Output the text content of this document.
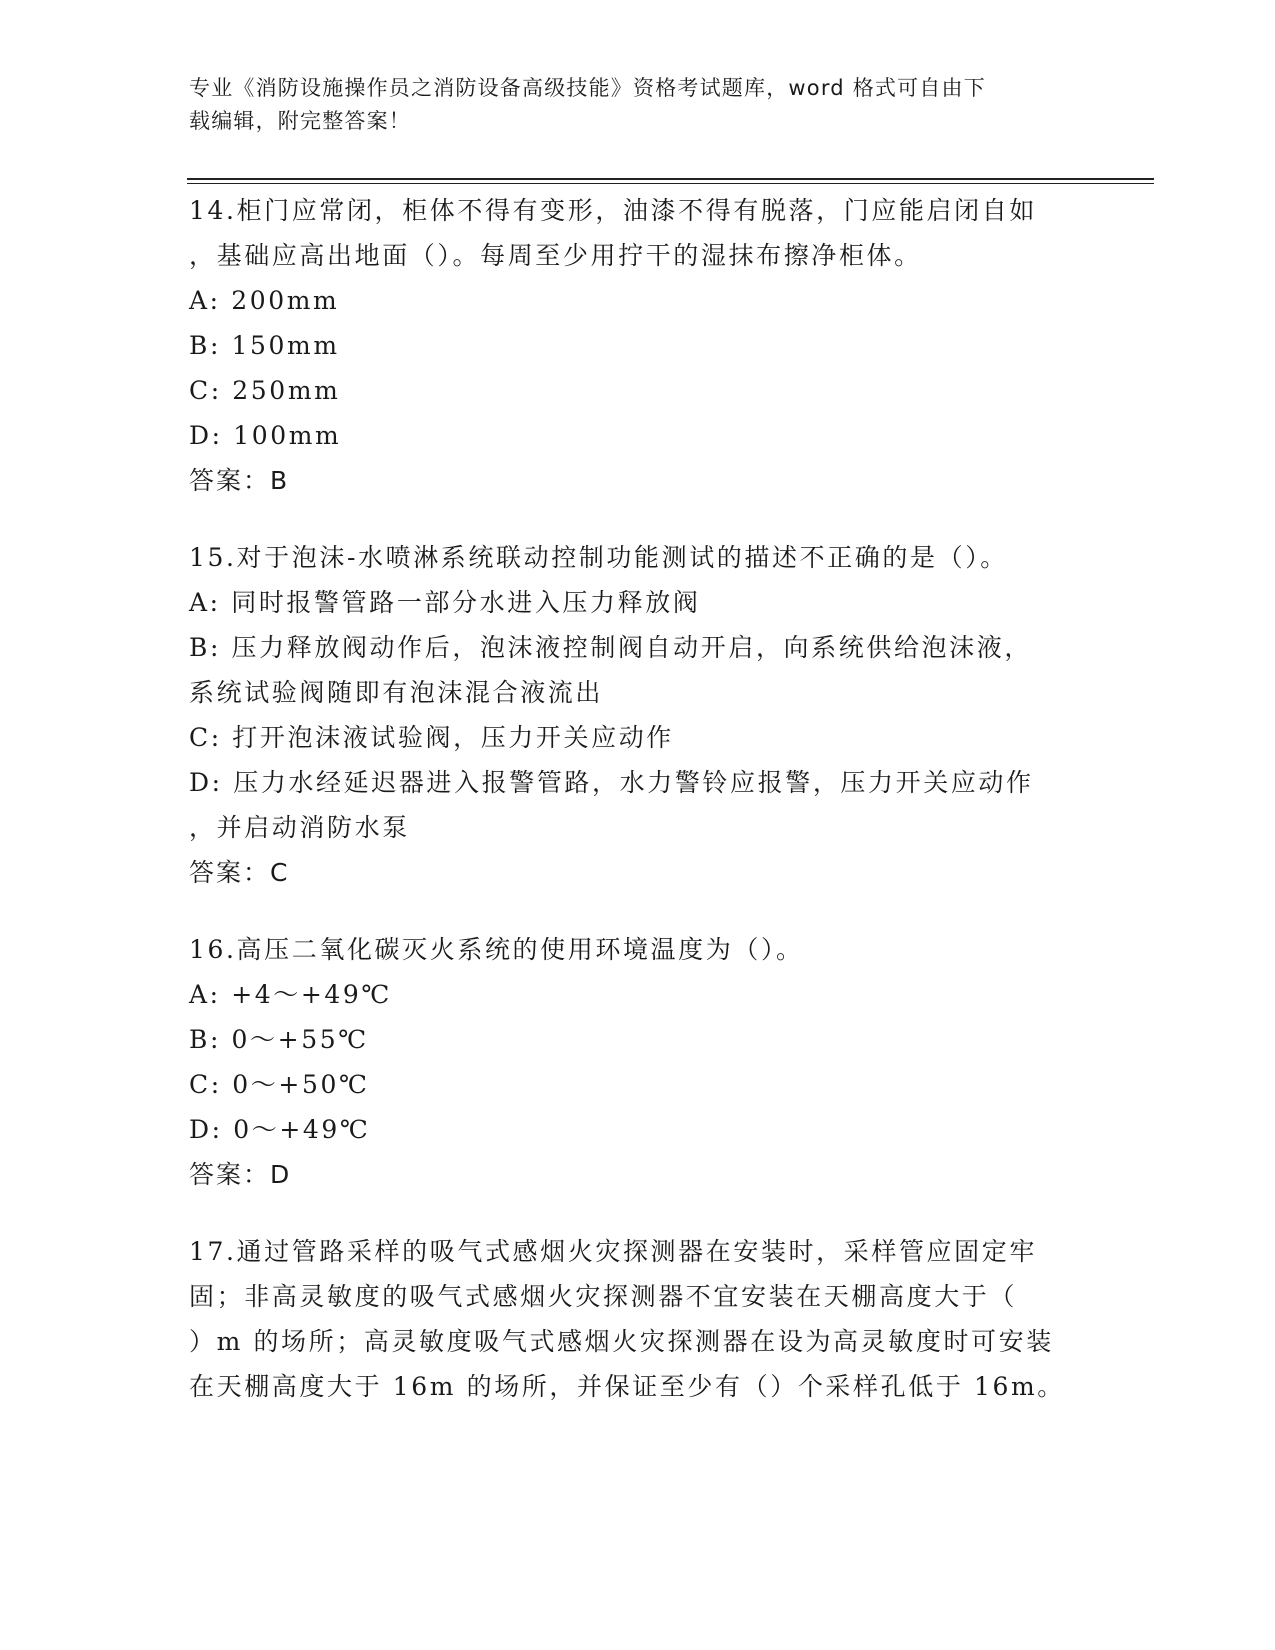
专业《消防设施操作员之消防设备高级技能》资格考试题库，word 格式可自由下
载编辑，附完整答案！

14.柜门应常闭，柜体不得有变形，油漆不得有脱落，门应能启闭自如

，基础应高出地面（）。每周至少用拧干的湿抹布擦净柜体。

A: 200mm

B: 150mm

C: 250mm

D: 100mm

答案：B

15.对于泡沫-水喷淋系统联动控制功能测试的描述不正确的是（）。

A: 同时报警管路一部分水进入压力释放阀

B: 压力释放阀动作后，泡沫液控制阀自动开启，向系统供给泡沫液，

系统试验阀随即有泡沫混合液流出

C: 打开泡沫液试验阀，压力开关应动作

D: 压力水经延迟器进入报警管路，水力警铃应报警，压力开关应动作

，并启动消防水泵

答案：C

16.高压二氧化碳灭火系统的使用环境温度为（）。

A: +4～+49℃

B: 0～+55℃

C: 0～+50℃

D: 0～+49℃

答案：D

17.通过管路采样的吸气式感烟火灾探测器在安装时，采样管应固定牢

固；非高灵敏度的吸气式感烟火灾探测器不宜安装在天棚高度大于（

）m 的场所；高灵敏度吸气式感烟火灾探测器在设为高灵敏度时可安装

在天棚高度大于 16m 的场所，并保证至少有（）个采样孔低于 16m。
